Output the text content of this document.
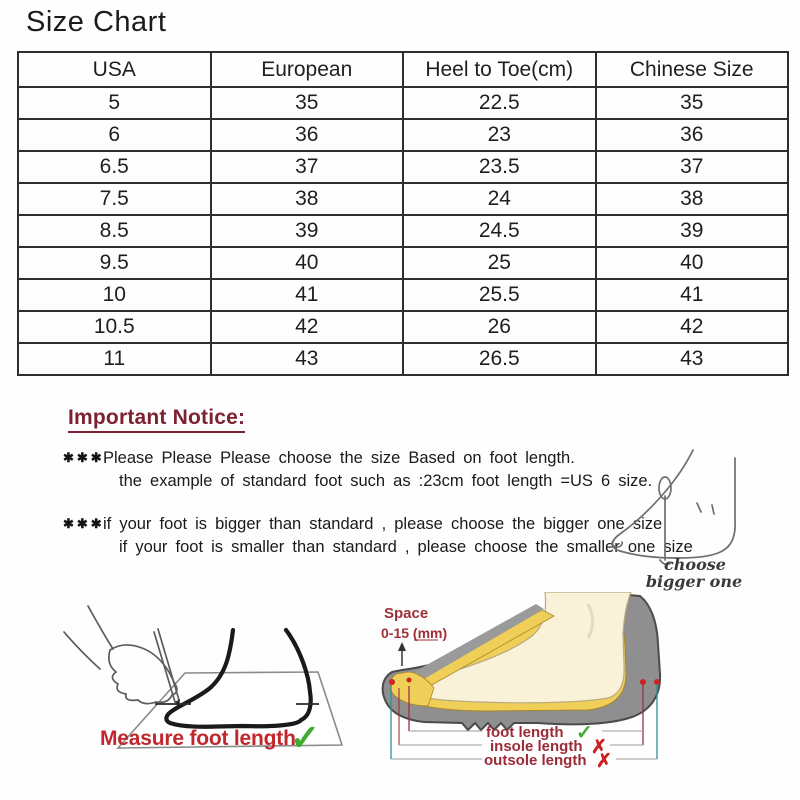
Size Chart
USA	European	Heel to Toe(cm)	Chinese Size
5	35	22.5	35
6	36	23	36
6.5	37	23.5	37
7.5	38	24	38
8.5	39	24.5	39
9.5	40	25	40
10	41	25.5	41
10.5	42	26	42
11	43	26.5	43
Important Notice:
✱✱✱
Please Please Please choose the size Based on foot length.
the example of standard foot such as :23cm foot length =US 6 size.
✱✱✱
if your foot is bigger than standard , please choose the bigger one size
if your foot is smaller than standard , please choose the smaller one size
choose
bigger one
Measure foot length
✓
Space
0-15 (mm)
foot length ✓
insole length ✗
outsole length ✗
